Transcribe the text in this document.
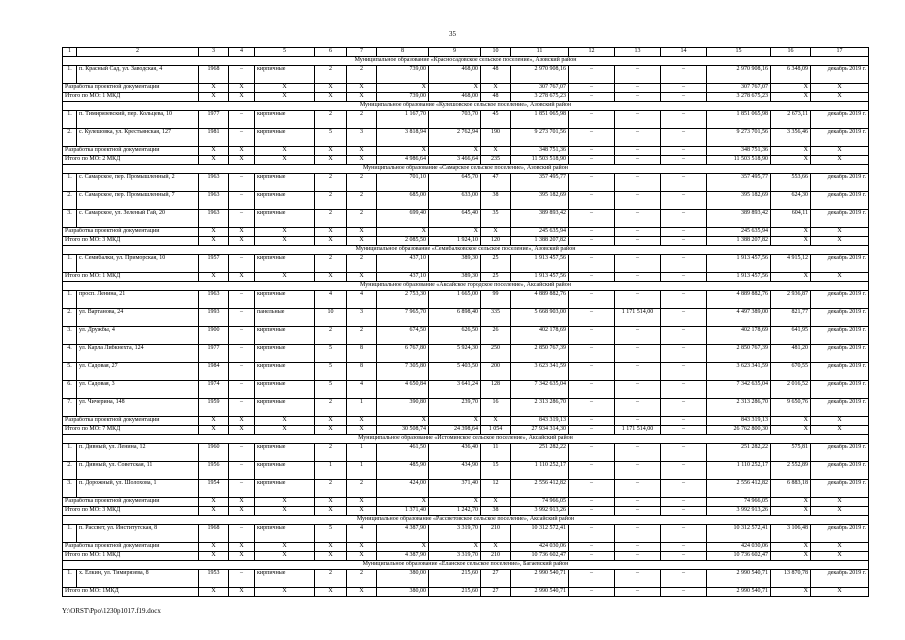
35
1	2	3	4	5	6	7	8	9	10	11	12	13	14	15	16	17
Муниципальное образование «Красносадовское сельское поселение», Азовский район																
1.	п. Красный Сад, ул. Заводская, 4	1968	–	кирпичные	2	2	739,00	468,00	48	2 970 908,16	–	–	–	2 970 908,16	6 348,09	декабрь 2019 г.
Разработка проектной документации		X	X	X	X	X	X	X	X	307 767,07	–	–	–	307 767,07	X	X
Итого по МО: 1 МКД		X	X	X	X	X	739,00	468,00	48	3 278 675,23	–	–	–	3 278 675,23	X	X
Муниципальное образование «Кулешовское сельское поселение», Азовский район																
1.	п. Тимирязевский, пер. Кольцева, 10	1977	–	кирпичные	2	2	1 167,70	703,70	45	1 851 065,98	–	–	–	1 851 065,98	2 673,11	декабрь 2019 г.
2.	с. Кулешовка, ул. Крестьянская, 127	1981	–	кирпичные	5	3	3 818,94	2 762,94	190	9 273 701,56	–	–	–	9 273 701,56	3 356,46	декабрь 2019 г.
Разработка проектной документации		X	X	X	X	X	X	X	X	348 751,36	–	–	–	348 751,36	X	X
Итого по МО: 2 МКД		X	X	X	X	X	4 986,64	3 466,64	235	11 503 518,90	–	–	–	11 503 518,90	X	X
Муниципальное образование «Самарское сельское поселение», Азовский район																
1.	с. Самарское, пер. Промышленный, 2	1963	–	кирпичные	2	2	701,10	645,70	47	357 495,77	–	–	–	357 495,77	553,66	декабрь 2019 г.
2.	с. Самарское, пер. Промышленный, 7	1963	–	кирпичные	2	2	685,00	633,00	38	395 182,69	–	–	–	395 182,69	624,30	декабрь 2019 г.
3.	с. Самарское, ул. Зеленый Гай, 20	1963	–	кирпичные	2	2	699,40	645,40	35	389 893,42	–	–	–	389 893,42	604,11	декабрь 2019 г.
Разработка проектной документации		X	X	X	X	X	X	X	X	245 635,94	–	–	–	245 635,94	X	X
Итого по МО: 3 МКД		X	X	X	X	X	2 085,50	1 924,10	120	1 388 207,82	–	–	–	1 388 207,82	X	X
Муниципальное образование «Семибалковское сельское поселение», Азовский район																
1.	с. Семибалки, ул. Приморская, 10	1957	–	кирпичные	2	2	437,10	389,30	25	1 913 457,56	–	–	–	1 913 457,56	4 915,12	декабрь 2019 г.
Итого по МО: 1 МКД		X	X	X	X	X	437,10	389,30	25	1 913 457,56	–	–	–	1 913 457,56	X	X
Муниципальное образование «Аксайское городское поселение», Аксайский район																
1.	просп. Ленина, 21	1963	–	кирпичные	4	4	2 753,30	1 665,00	99	4 889 882,76	–	–	–	4 889 882,76	2 936,87	декабрь 2019 г.
2.	ул. Вартанова, 24	1993	–	панельные	10	3	7 965,70	6 898,40	335	5 668 903,00	–	1 171 514,00	–	4 497 389,00	821,77	декабрь 2019 г.
3.	ул. Дружбы, 4	1900	–	кирпичные	2	2	674,50	626,50	26	402 178,69	–	–	–	402 178,69	641,95	декабрь 2019 г.
4.	ул. Карла Либкнехта, 124	1977	–	кирпичные	5	8	6 767,80	5 924,30	250	2 850 767,39	–	–	–	2 850 767,39	481,20	декабрь 2019 г.
5.	ул. Садовая, 27	1984	–	кирпичные	5	8	7 305,80	5 403,50	200	3 623 341,59	–	–	–	3 623 341,59	670,55	декабрь 2019 г.
6.	ул. Садовая, 3	1974	–	кирпичные	5	4	4 650,84	3 641,24	128	7 342 635,04	–	–	–	7 342 635,04	2 016,52	декабрь 2019 г.
7.	ул. Чичерина, 148	1959	–	кирпичные	2	1	390,80	239,70	16	2 313 286,70	–	–	–	2 313 286,70	9 650,76	декабрь 2019 г.
Разработка проектной документации		X	X	X	X	X	X	X	X	843 319,13	–	–	–	843 319,13	X	X
Итого по МО: 7 МКД		X	X	X	X	X	30 508,74	24 398,64	1 054	27 934 314,30	–	1 171 514,00	–	26 762 800,30	X	X
Муниципальное образование «Истоминское сельское поселение», Аксайский район																
1.	п. Дивный, ул. Ленина, 12	1960	–	кирпичные	2	1	461,50	436,40	11	251 282,22	–	–	–	251 282,22	575,81	декабрь 2019 г.
2.	п. Дивный, ул. Советская, 11	1956	–	кирпичные	1	1	485,90	434,90	15	1 110 252,17	–	–	–	1 110 252,17	2 552,89	декабрь 2019 г.
3.	п. Дорожный, ул. Шолохова, 1	1954	–	кирпичные	2	2	424,00	371,40	12	2 556 412,82	–	–	–	2 556 412,82	6 883,18	декабрь 2019 г.
Разработка проектной документации		X	X	X	X	X	X	X	X	74 966,05	–	–	–	74 966,05	X	X
Итого по МО: 3 МКД		X	X	X	X	X	1 371,40	1 242,70	38	3 992 913,26	–	–	–	3 992 913,26	X	X
Муниципальное образование «Рассветовское сельское поселение», Аксайский район																
1.	п. Рассвет, ул. Институтская, 8	1968	–	кирпичные	5	4	4 387,90	3 319,70	210	10 312 572,41	–	–	–	10 312 572,41	3 106,48	декабрь 2019 г.
Разработка проектной документации		X	X	X	X	X	X	X	X	424 030,06	–	–	–	424 030,06	X	X
Итого по МО: 1 МКД		X	X	X	X	X	4 387,90	3 319,70	210	10 736 602,47	–	–	–	10 736 602,47	X	X
Муниципальное образование «Еланское сельское поселение», Багаевский район																
1.	х. Елкин, ул. Тимирязева, 8	1953	–	кирпичные	2	2	380,00	215,60	27	2 990 540,71	–	–	–	2 990 540,71	13 870,78	декабрь 2019 г.
Итого по МО: 1МКД		X	X	X	X	X	380,00	215,60	27	2 990 540,71	–	–	–	2 990 540,71	X	X
Y:\ORST\Ppo\1230p1017.f19.docx
